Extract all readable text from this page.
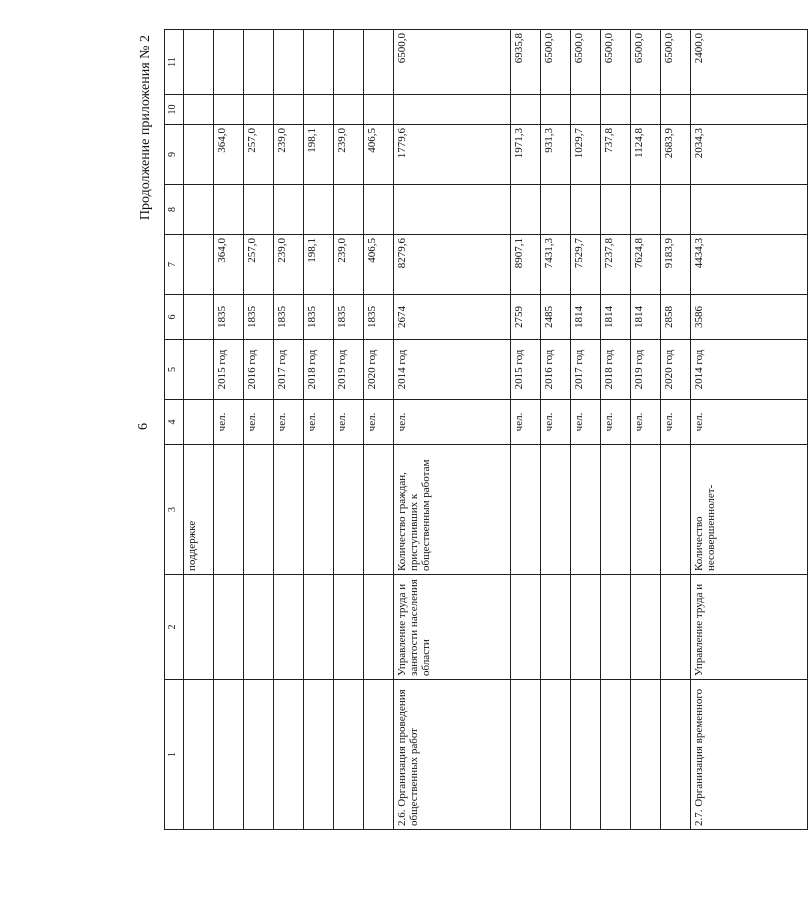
6
Продолжение приложения № 2
1	2	3	4	5	6	7	8	9	10	11
		поддержке								
			чел.	2015 год	1835	364,0		364,0		
			чел.	2016 год	1835	257,0		257,0		
			чел.	2017 год	1835	239,0		239,0		
			чел.	2018 год	1835	198,1		198,1		
			чел.	2019 год	1835	239,0		239,0		
			чел.	2020 год	1835	406,5		406,5		
2.6. Организация проведения общественных работ	Управление труда и занятости населения области	Количество граждан, приступивших к общественным работам	чел.	2014 год	2674	8279,6		1779,6		6500,0
			чел.	2015 год	2759	8907,1		1971,3		6935,8
			чел.	2016 год	2485	7431,3		931,3		6500,0
			чел.	2017 год	1814	7529,7		1029,7		6500,0
			чел.	2018 год	1814	7237,8		737,8		6500,0
			чел.	2019 год	1814	7624,8		1124,8		6500,0
			чел.	2020 год	2858	9183,9		2683,9		6500,0
2.7. Организация временного	Управление труда и	Количество несовершеннолет-	чел.	2014 год	3586	4434,3		2034,3		2400,0
